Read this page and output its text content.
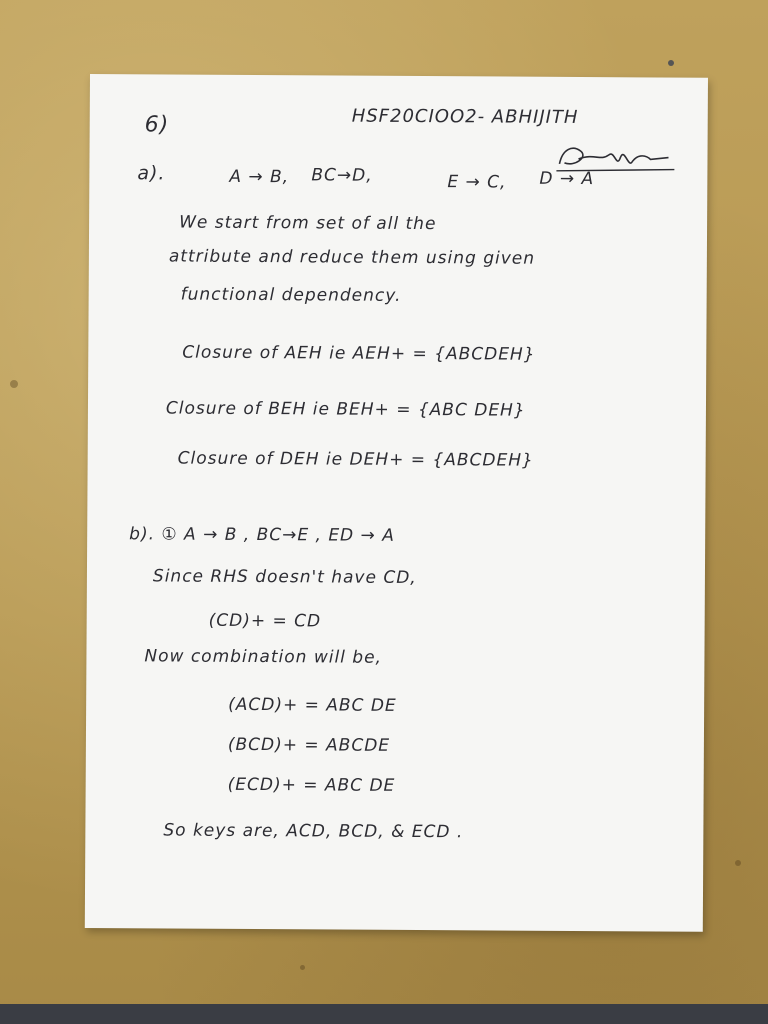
6)	HSF20CIOO2- ABHIJITH
a).	A → B, BC→D,	E → C, D → A
We start from set of all the
attribute and reduce them using given
functional dependency.
Closure of AEH ie AEH+ = {ABCDEH}
Closure of BEH ie BEH+ = {ABC DEH}
Closure of DEH ie DEH+ = {ABCDEH}
b). ① A → B , BC→E , ED → A
Since RHS doesn't have CD,
(CD)+ = CD
Now combination will be,
(ACD)+ = ABC DE
(BCD)+ = ABCDE
(ECD)+ = ABC DE
So keys are, ACD, BCD, & ECD .
